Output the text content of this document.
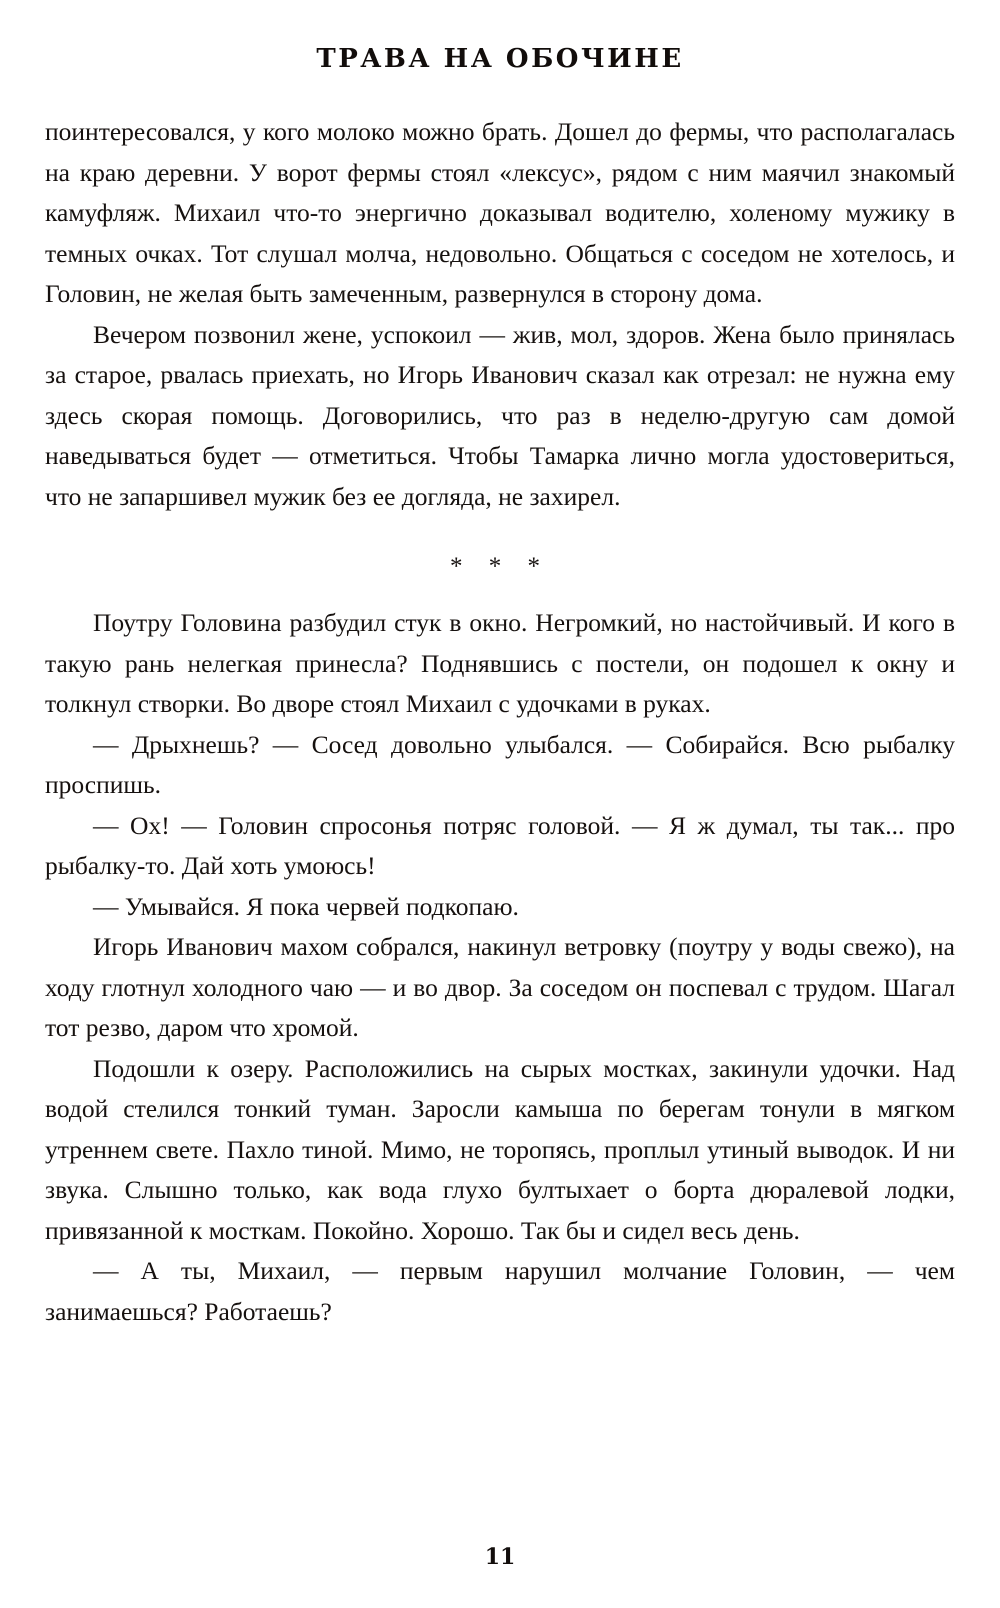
ТРАВА НА ОБОЧИНЕ

поинтересовался, у кого молоко можно брать. Дошел до фермы, что располагалась на краю деревни. У ворот фермы стоял «лексус», рядом с ним маячил знакомый камуфляж. Михаил что-то энергично доказывал водителю, холеному мужику в темных очках. Тот слушал молча, недовольно. Общаться с соседом не хотелось, и Головин, не желая быть замеченным, развернулся в сторону дома.

Вечером позвонил жене, успокоил — жив, мол, здоров. Жена было принялась за старое, рвалась приехать, но Игорь Иванович сказал как отрезал: не нужна ему здесь скорая помощь. Договорились, что раз в неделю-другую сам домой наведываться будет — отметиться. Чтобы Тамарка лично могла удостовериться, что не запаршивел мужик без ее догляда, не захирел.

* * *

Поутру Головина разбудил стук в окно. Негромкий, но настойчивый. И кого в такую рань нелегкая принесла? Поднявшись с постели, он подошел к окну и толкнул створки. Во дворе стоял Михаил с удочками в руках.

— Дрыхнешь? — Сосед довольно улыбался. — Собирайся. Всю рыбалку проспишь.

— Ох! — Головин спросонья потряс головой. — Я ж думал, ты так... про рыбалку-то. Дай хоть умоюсь!

— Умывайся. Я пока червей подкопаю.

Игорь Иванович махом собрался, накинул ветровку (поутру у воды свежо), на ходу глотнул холодного чаю — и во двор. За соседом он поспевал с трудом. Шагал тот резво, даром что хромой.

Подошли к озеру. Расположились на сырых мостках, закинули удочки. Над водой стелился тонкий туман. Заросли камыша по берегам тонули в мягком утреннем свете. Пахло тиной. Мимо, не торопясь, проплыл утиный выводок. И ни звука. Слышно только, как вода глухо бултыхает о борта дюралевой лодки, привязанной к мосткам. Покойно. Хорошо. Так бы и сидел весь день.

— А ты, Михаил, — первым нарушил молчание Головин, — чем занимаешься? Работаешь?

11
